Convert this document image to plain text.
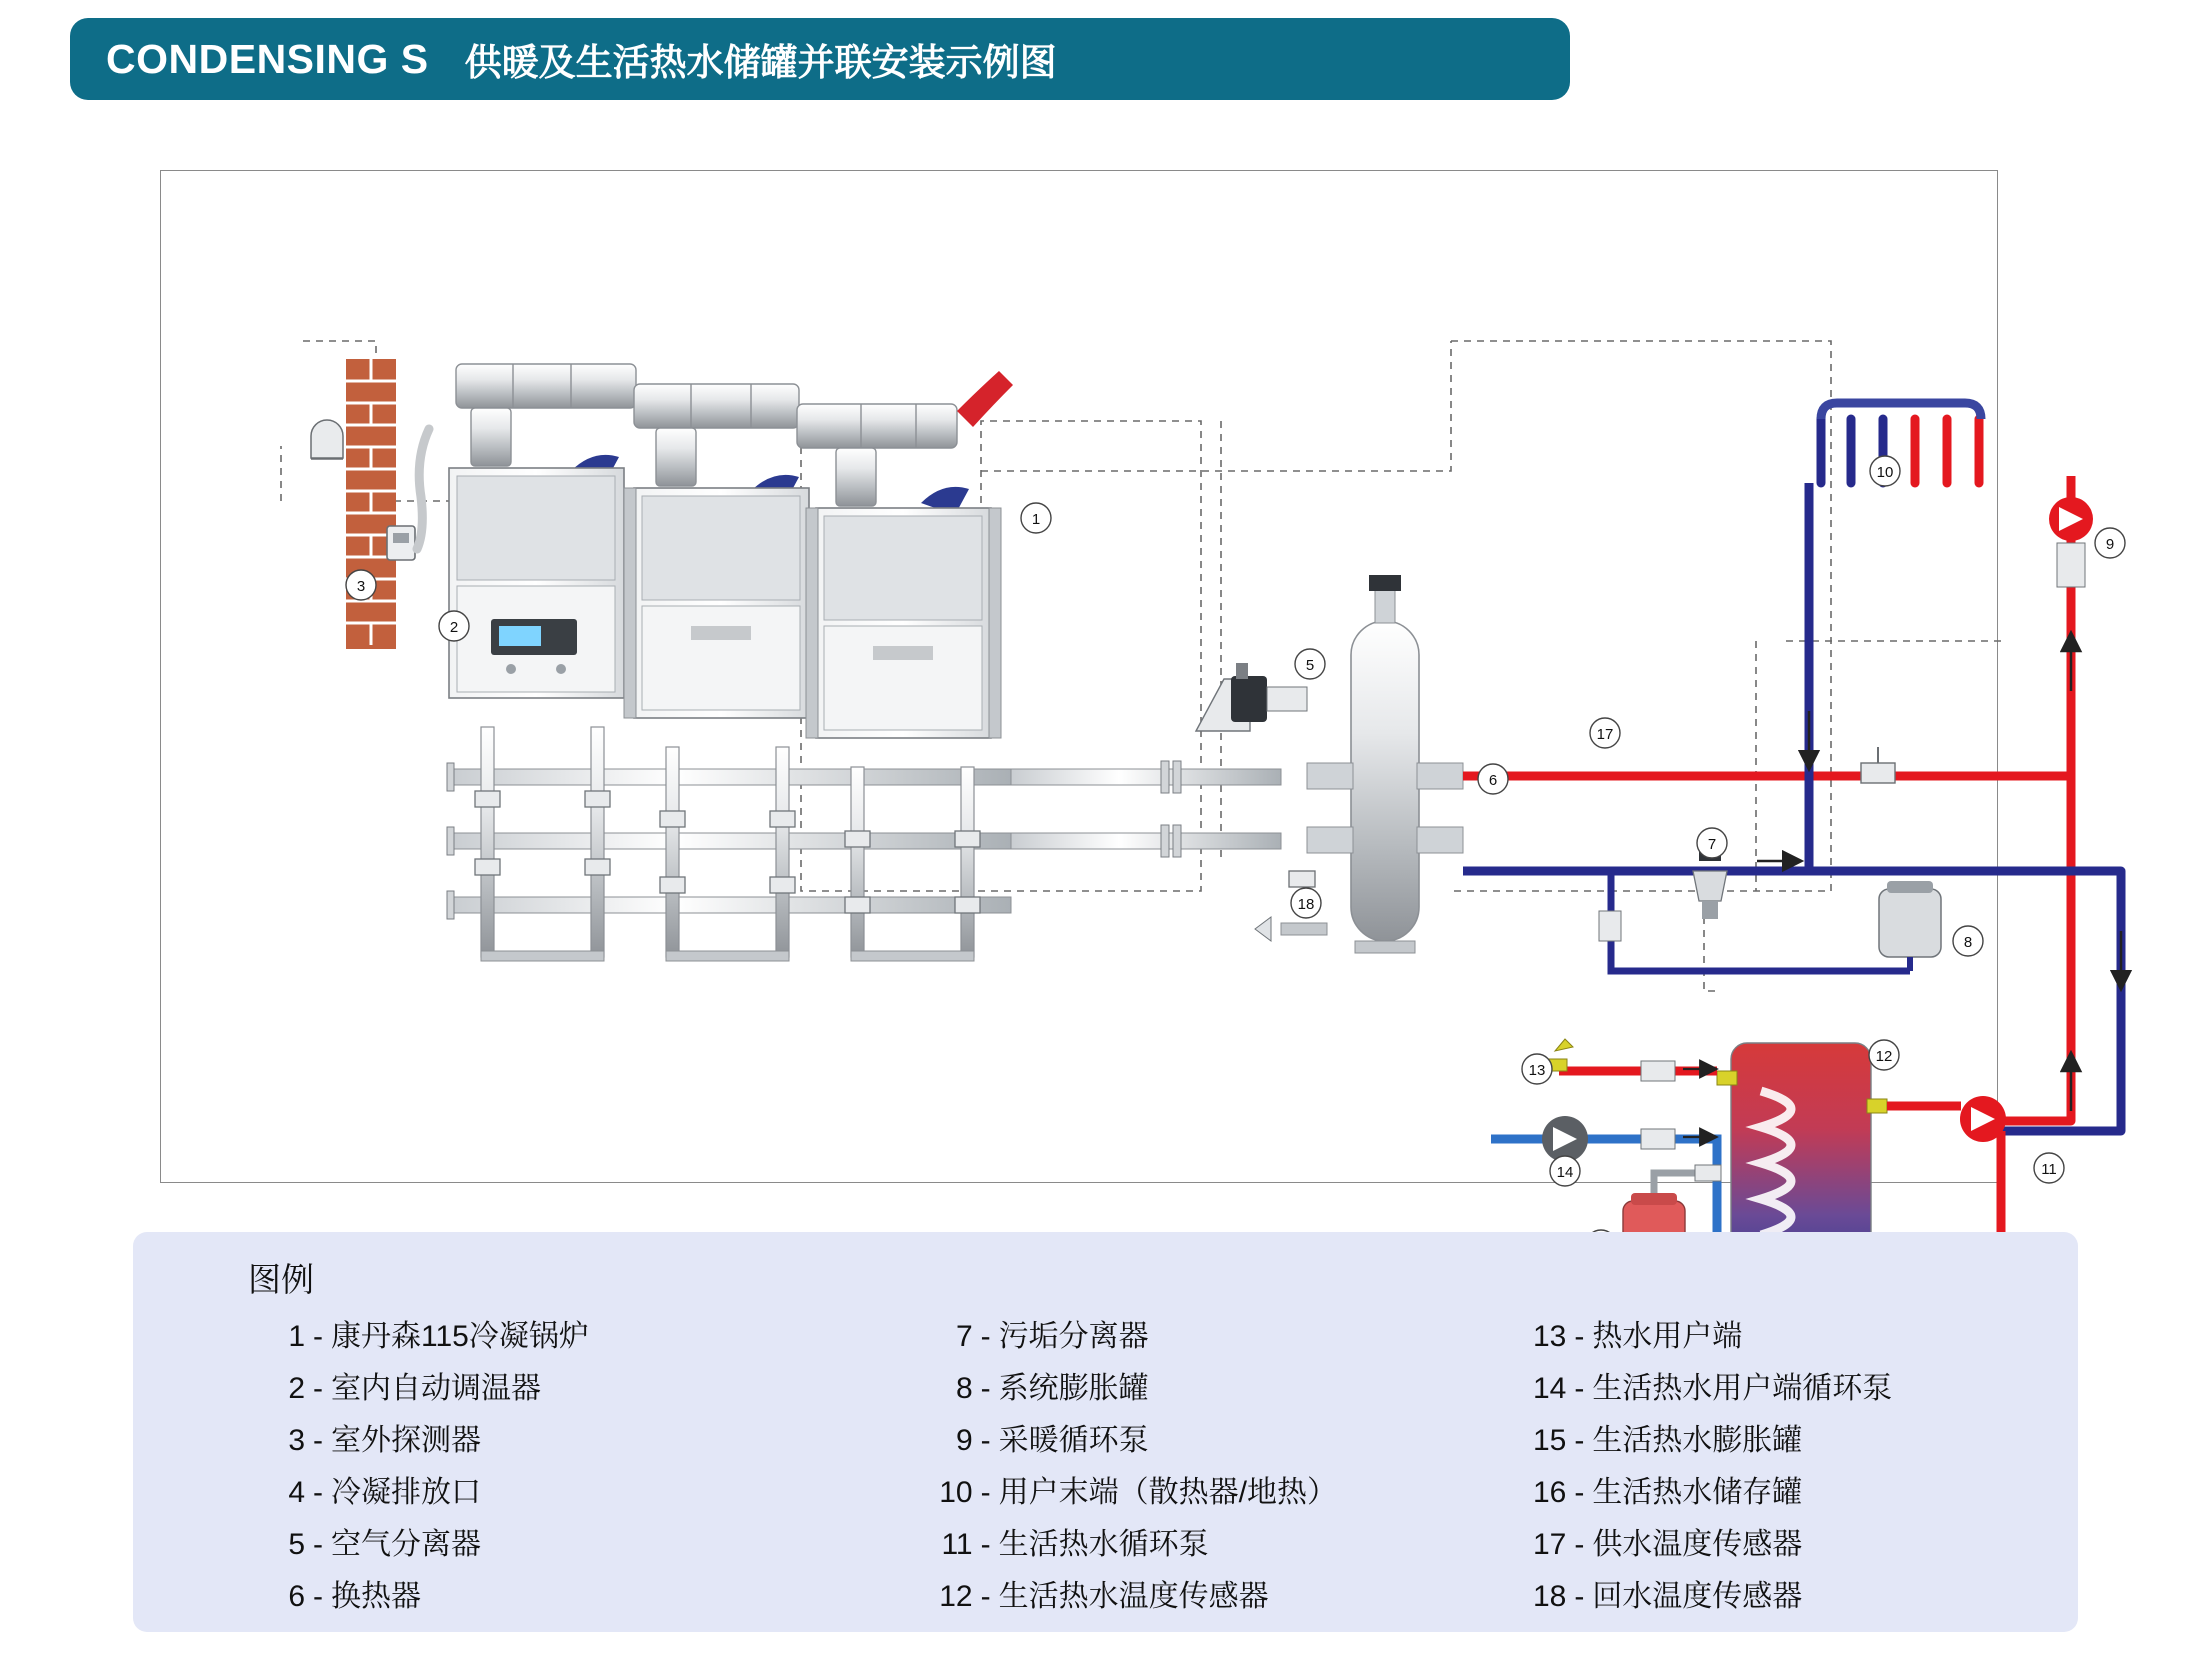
CONDENSING S 供暖及生活热水储罐并联安装示例图
1
2
3
5
6
7
8
9
10
11
12
13
14
17
18
图例
1 - 康丹森115冷凝锅炉
2 - 室内自动调温器
3 - 室外探测器
4 - 冷凝排放口
5 - 空气分离器
6 - 换热器
7 - 污垢分离器
8 - 系统膨胀罐
9 - 采暖循环泵
10 - 用户末端（散热器/地热）
11 - 生活热水循环泵
12 - 生活热水温度传感器
13 - 热水用户端
14 - 生活热水用户端循环泵
15 - 生活热水膨胀罐
16 - 生活热水储存罐
17 - 供水温度传感器
18 - 回水温度传感器
